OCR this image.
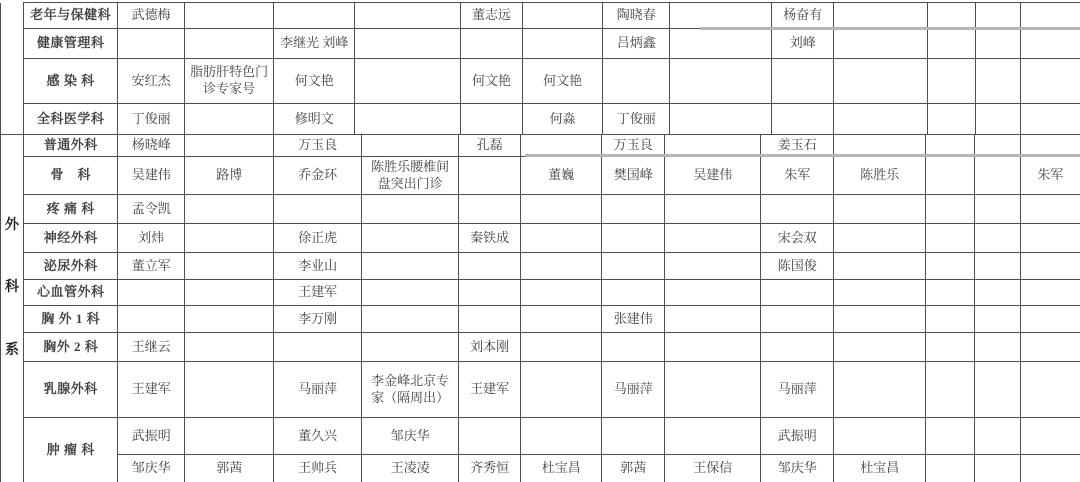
	老年与保健科	武德梅				董志远		陶晓春		杨奋有				
	健康管理科			李继光 刘峰				吕炳鑫		刘峰				
	感 染 科	安红杰	脂肪肝特色门诊专家号	何文艳		何文艳	何文艳							
	全科医学科	丁俊丽		修明文			何淼	丁俊丽						
外
科
系	普通外科	杨晓峰		万玉良		孔磊		万玉良		姜玉石				
	骨　科	吴建伟	路博	乔金环	陈胜乐腰椎间盘突出门诊		董巍	樊国峰	吴建伟	朱军	陈胜乐			朱军
	疼 痛 科	孟令凯												
	神经外科	刘炜		徐正虎		秦铁成				宋会双				
	泌尿外科	董立军		李业山						陈国俊				
	心血管外科			王建军										
	胸 外 1 科			李万刚				张建伟						
	胸外 2 科	王继云				刘本刚								
	乳腺外科	王建军		马丽萍	李金峰北京专家（隔周出）	王建军		马丽萍		马丽萍				
	肿 瘤 科	武振明		董久兴	邹庆华					武振明				
		邹庆华	郭茜	王帅兵	王凌凌	齐秀恒	杜宝昌	郭茜	王保信	邹庆华	杜宝昌			
